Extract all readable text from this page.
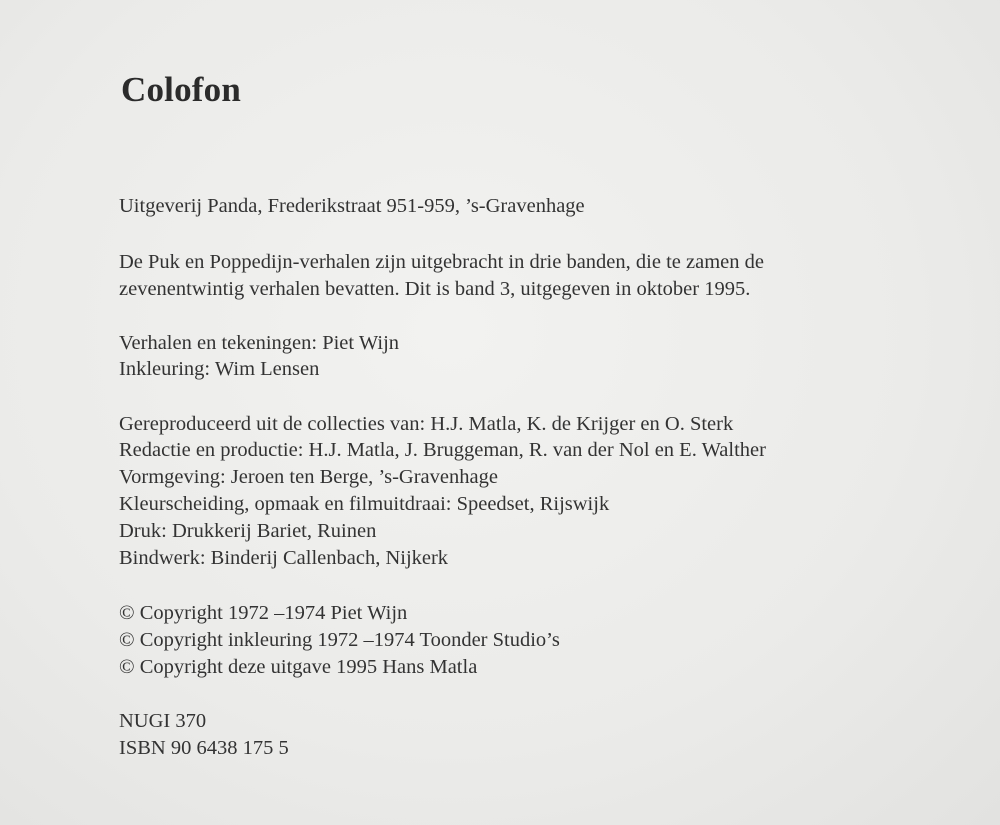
Colofon

Uitgeverij Panda, Frederikstraat 951-959, ’s-Gravenhage

De Puk en Poppedijn-verhalen zijn uitgebracht in drie banden, die te zamen de

zevenentwintig verhalen bevatten. Dit is band 3, uitgegeven in oktober 1995.

Verhalen en tekeningen: Piet Wijn

Inkleuring: Wim Lensen

Gereproduceerd uit de collecties van: H.J. Matla, K. de Krijger en O. Sterk

Redactie en productie: H.J. Matla, J. Bruggeman, R. van der Nol en E. Walther

Vormgeving: Jeroen ten Berge, ’s-Gravenhage

Kleurscheiding, opmaak en filmuitdraai: Speedset, Rijswijk

Druk: Drukkerij Bariet, Ruinen

Bindwerk: Binderij Callenbach, Nijkerk

© Copyright 1972 –1974 Piet Wijn

© Copyright inkleuring 1972 –1974 Toonder Studio’s

© Copyright deze uitgave 1995 Hans Matla

NUGI 370

ISBN 90 6438 175 5
